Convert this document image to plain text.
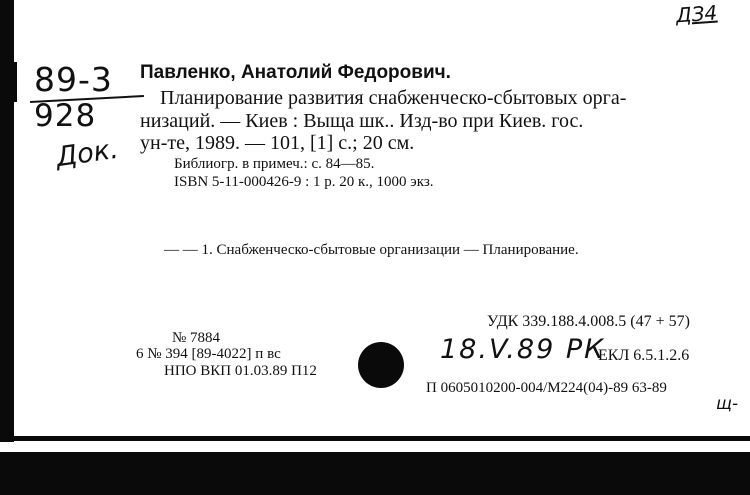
ДЗ4
89-3
928
Док.
Павленко, Анатолий Федорович.
Планирование развития снабженческо-сбытовых орга-
низаций. — Киев : Выща шк.. Изд-во при Киев. гос.
ун-те, 1989. — 101, [1] с.; 20 см.
Библиогр. в примеч.: с. 84—85.
ISBN 5-11-000426-9 : 1 р. 20 к., 1000 экз.
— — 1. Снабженческо-сбытовые организации — Планирование.
УДК 339.188.4.008.5 (47 + 57)
№ 7884
6 № 394 [89-4022] п вс
НПО ВКП 01.03.89 П12
18.V.89 РК
ЕКЛ 6.5.1.2.6
П 0605010200-004/М224(04)-89 63-89
щ-
